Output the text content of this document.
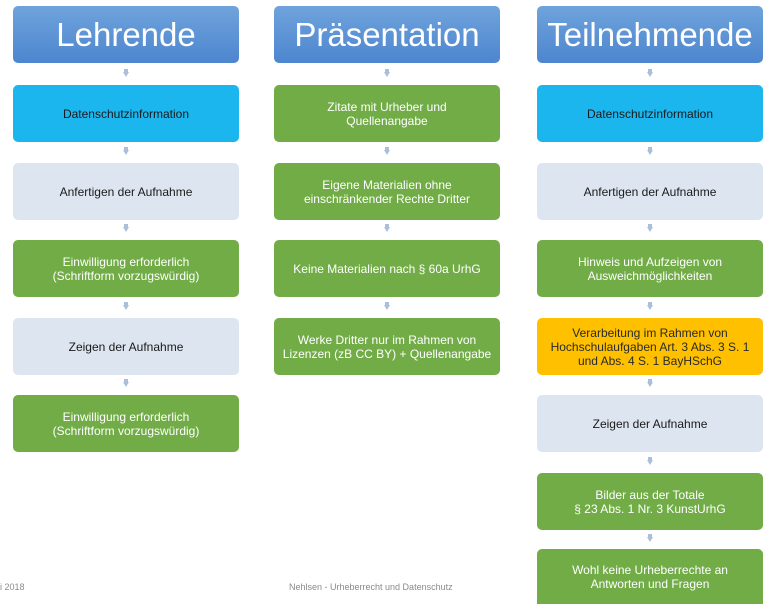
Lehrende
Datenschutzinformation
Anfertigen der Aufnahme
Einwilligung erforderlich
(Schriftform vorzugswürdig)
Zeigen der Aufnahme
Einwilligung erforderlich
(Schriftform vorzugswürdig)
Präsentation
Zitate mit Urheber und
Quellenangabe
Eigene Materialien ohne
einschränkender Rechte Dritter
Keine Materialien nach § 60a UrhG
Werke Dritter nur im Rahmen von
Lizenzen (zB CC BY) + Quellenangabe
Teilnehmende
Datenschutzinformation
Anfertigen der Aufnahme
Hinweis und Aufzeigen von
Ausweichmöglichkeiten
Verarbeitung im Rahmen von
Hochschulaufgaben Art. 3 Abs. 3 S. 1
und Abs. 4 S. 1 BayHSchG
Zeigen der Aufnahme
Bilder aus der Totale
§ 23 Abs. 1 Nr. 3 KunstUrhG
Wohl keine Urheberrechte an
Antworten und Fragen
i 2018	Nehlsen - Urheberrecht und Datenschutz
